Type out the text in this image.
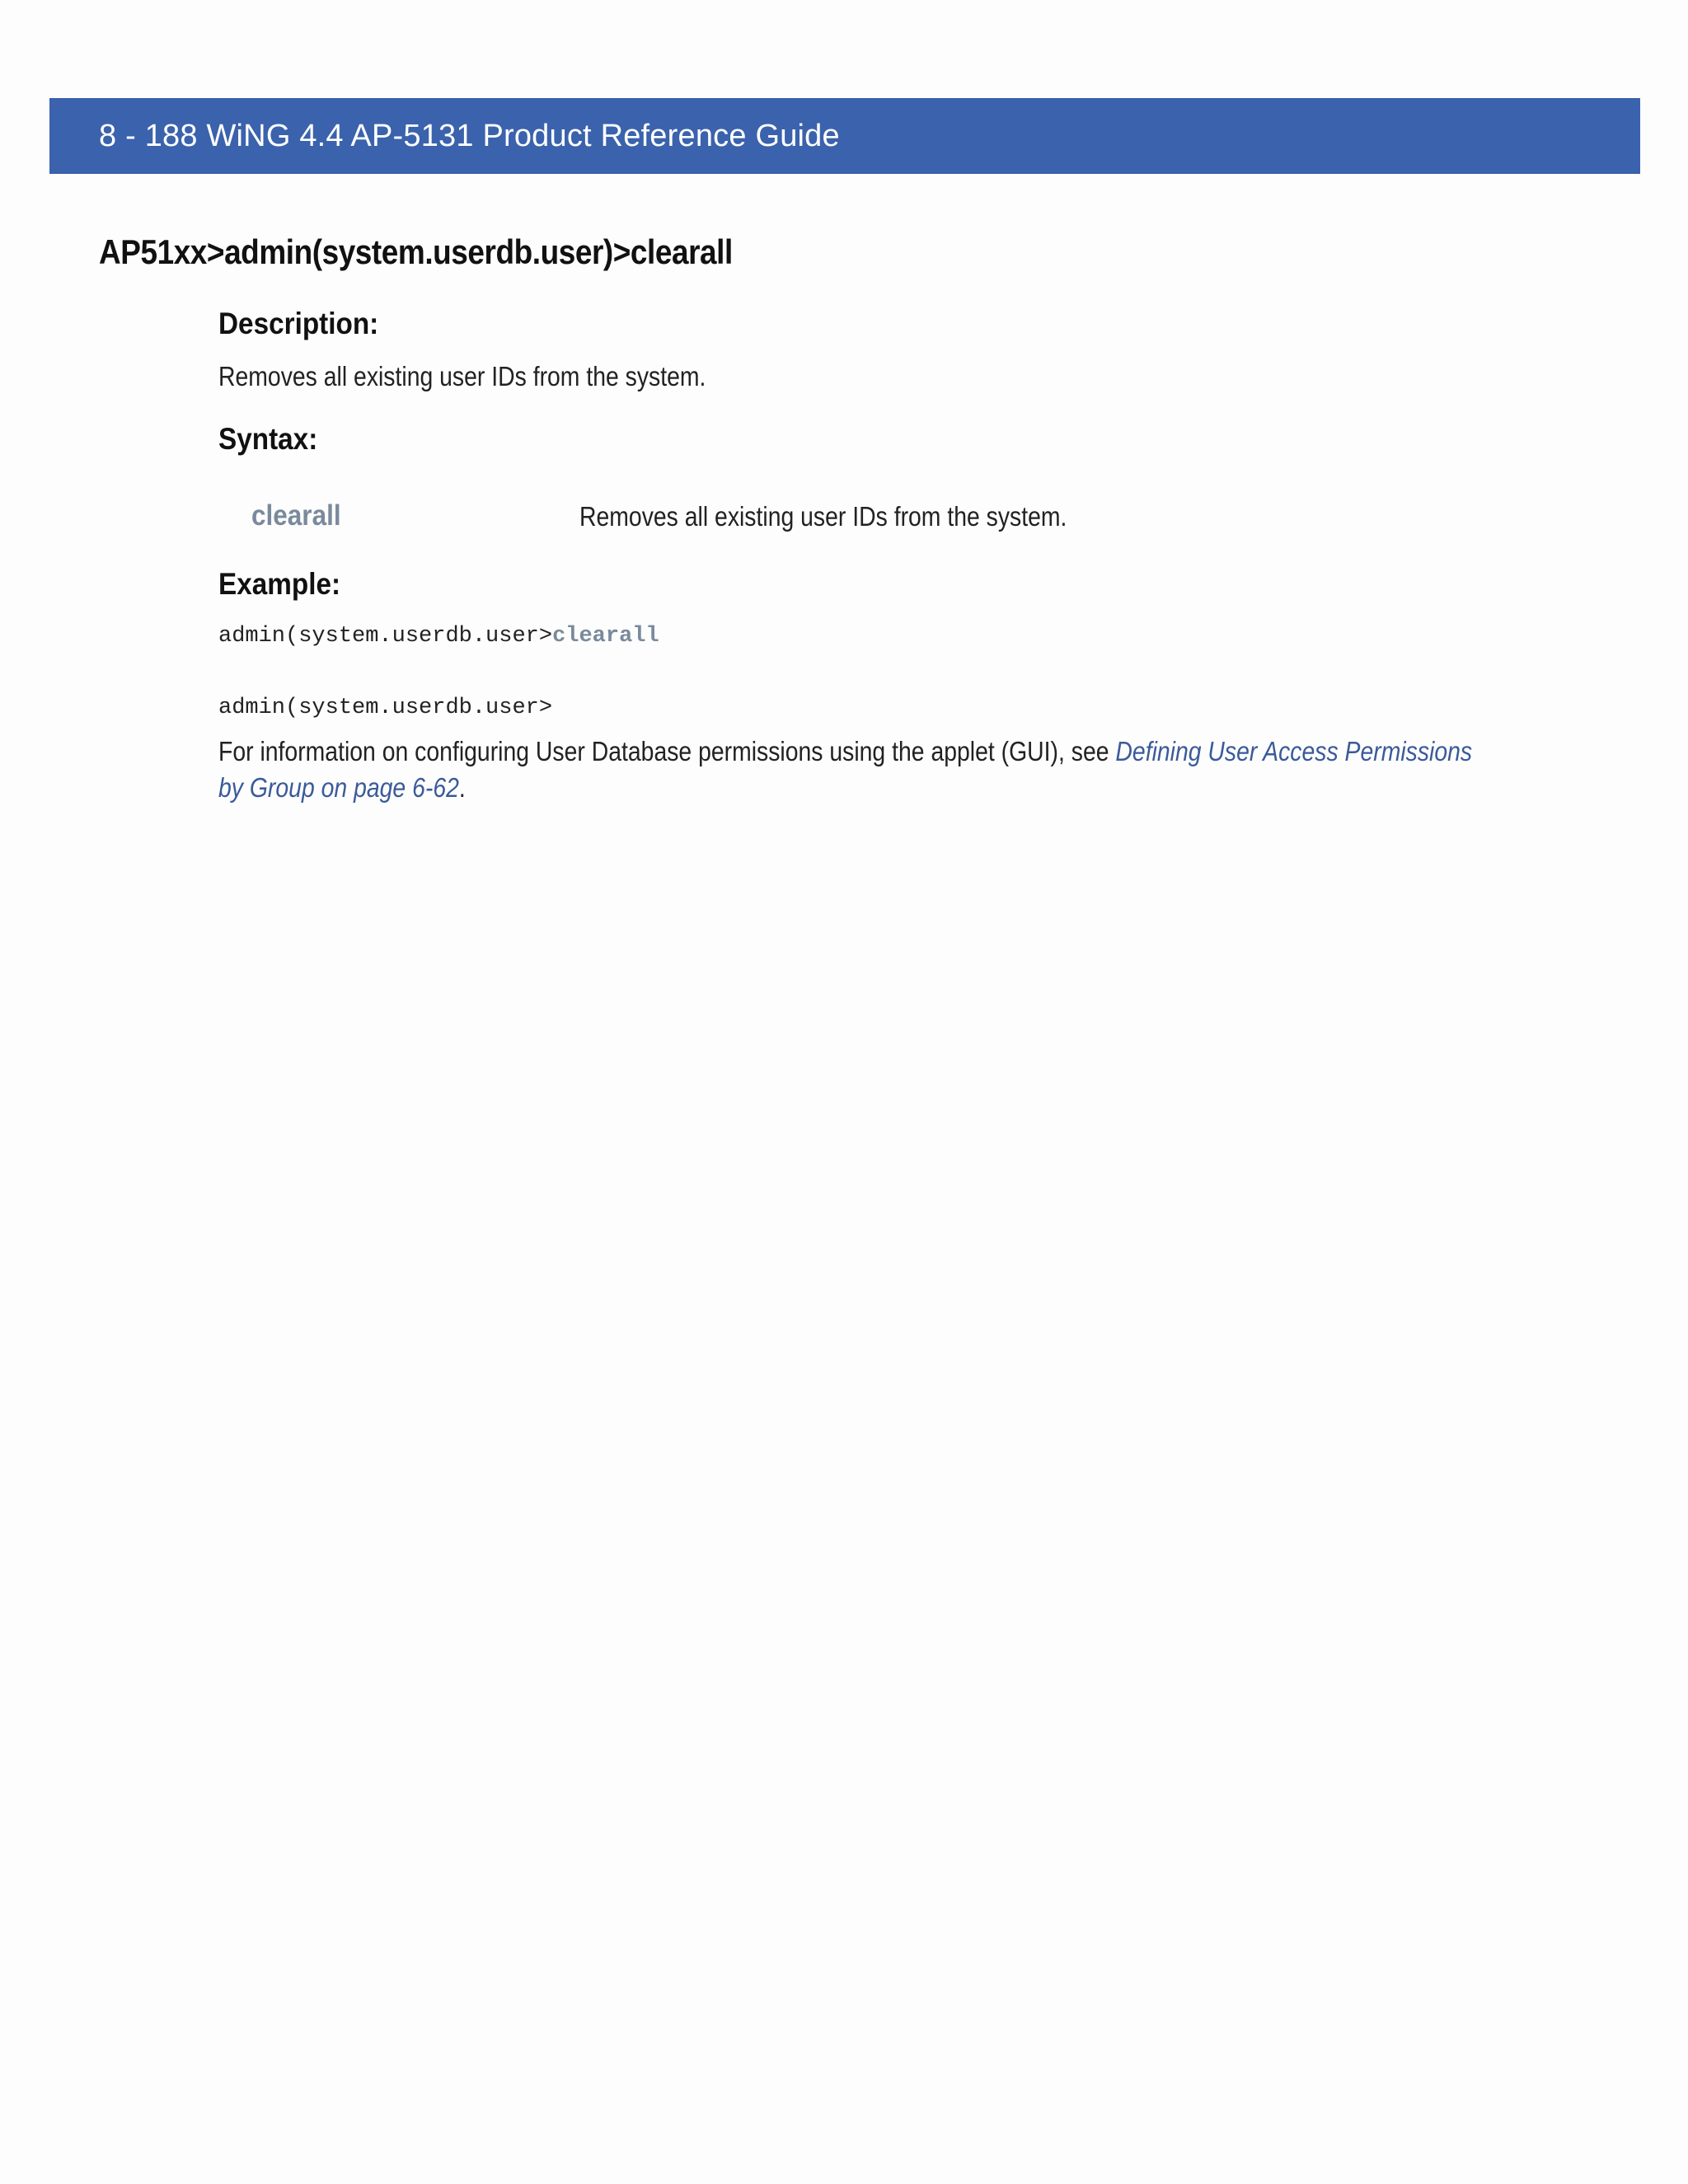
8 - 188 WiNG 4.4 AP-5131 Product Reference Guide
AP51xx>admin(system.userdb.user)>clearall
Description:
Removes all existing user IDs from the system.
Syntax:
clearall	Removes all existing user IDs from the system.
Example:
admin(system.userdb.user>clearall
admin(system.userdb.user>
For information on configuring User Database permissions using the applet (GUI), see Defining User Access Permissions
by Group on page 6-62.
